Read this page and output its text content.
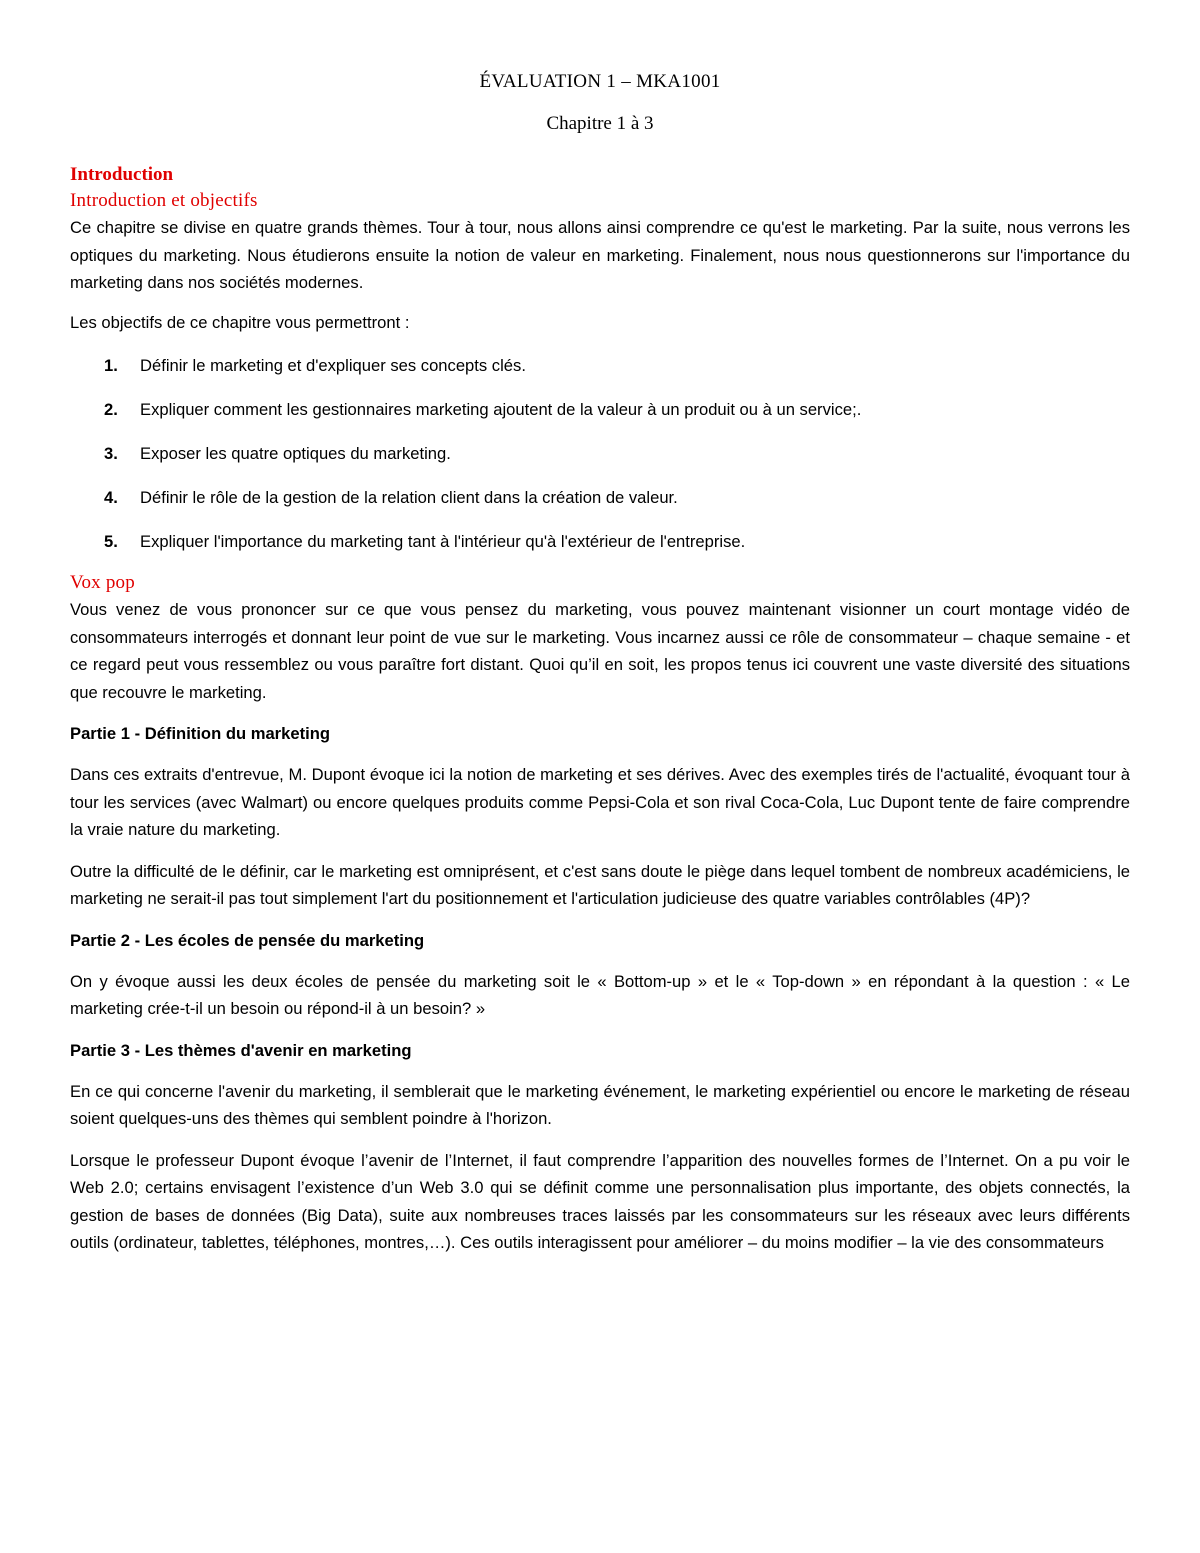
ÉVALUATION 1 – MKA1001

Chapitre 1 à 3

Introduction
Introduction et objectifs

Ce chapitre se divise en quatre grands thèmes. Tour à tour, nous allons ainsi comprendre ce qu'est le marketing. Par la suite, nous verrons les optiques du marketing. Nous étudierons ensuite la notion de valeur en marketing. Finalement, nous nous questionnerons sur l'importance du marketing dans nos sociétés modernes.

Les objectifs de ce chapitre vous permettront :

1. Définir le marketing et d'expliquer ses concepts clés.
2. Expliquer comment les gestionnaires marketing ajoutent de la valeur à un produit ou à un service;.
3. Exposer les quatre optiques du marketing.
4. Définir le rôle de la gestion de la relation client dans la création de valeur.
5. Expliquer l'importance du marketing tant à l'intérieur qu'à l'extérieur de l'entreprise.
Vox pop

Vous venez de vous prononcer sur ce que vous pensez du marketing, vous pouvez maintenant visionner un court montage vidéo de consommateurs interrogés et donnant leur point de vue sur le marketing. Vous incarnez aussi ce rôle de consommateur – chaque semaine - et ce regard peut vous ressemblez ou vous paraître fort distant. Quoi qu’il en soit, les propos tenus ici couvrent une vaste diversité des situations que recouvre le marketing.

Partie 1 - Définition du marketing

Dans ces extraits d'entrevue, M. Dupont évoque ici la notion de marketing et ses dérives. Avec des exemples tirés de l'actualité, évoquant tour à tour les services (avec Walmart) ou encore quelques produits comme Pepsi-Cola et son rival Coca-Cola, Luc Dupont tente de faire comprendre la vraie nature du marketing.

Outre la difficulté de le définir, car le marketing est omniprésent, et c'est sans doute le piège dans lequel tombent de nombreux académiciens, le marketing ne serait-il pas tout simplement l'art du positionnement et l'articulation judicieuse des quatre variables contrôlables (4P)?

Partie 2 - Les écoles de pensée du marketing

On y évoque aussi les deux écoles de pensée du marketing soit le « Bottom-up » et le « Top-down » en répondant à la question : « Le marketing crée-t-il un besoin ou répond-il à un besoin? »

Partie 3 - Les thèmes d'avenir en marketing

En ce qui concerne l'avenir du marketing, il semblerait que le marketing événement, le marketing expérientiel ou encore le marketing de réseau soient quelques-uns des thèmes qui semblent poindre à l'horizon.

Lorsque le professeur Dupont évoque l’avenir de l’Internet, il faut comprendre l’apparition des nouvelles formes de l’Internet. On a pu voir le Web 2.0; certains envisagent l’existence d’un Web 3.0 qui se définit comme une personnalisation plus importante, des objets connectés, la gestion de bases de données (Big Data), suite aux nombreuses traces laissés par les consommateurs sur les réseaux avec leurs différents outils (ordinateur, tablettes, téléphones, montres,…). Ces outils interagissent pour améliorer – du moins modifier – la vie des consommateurs
